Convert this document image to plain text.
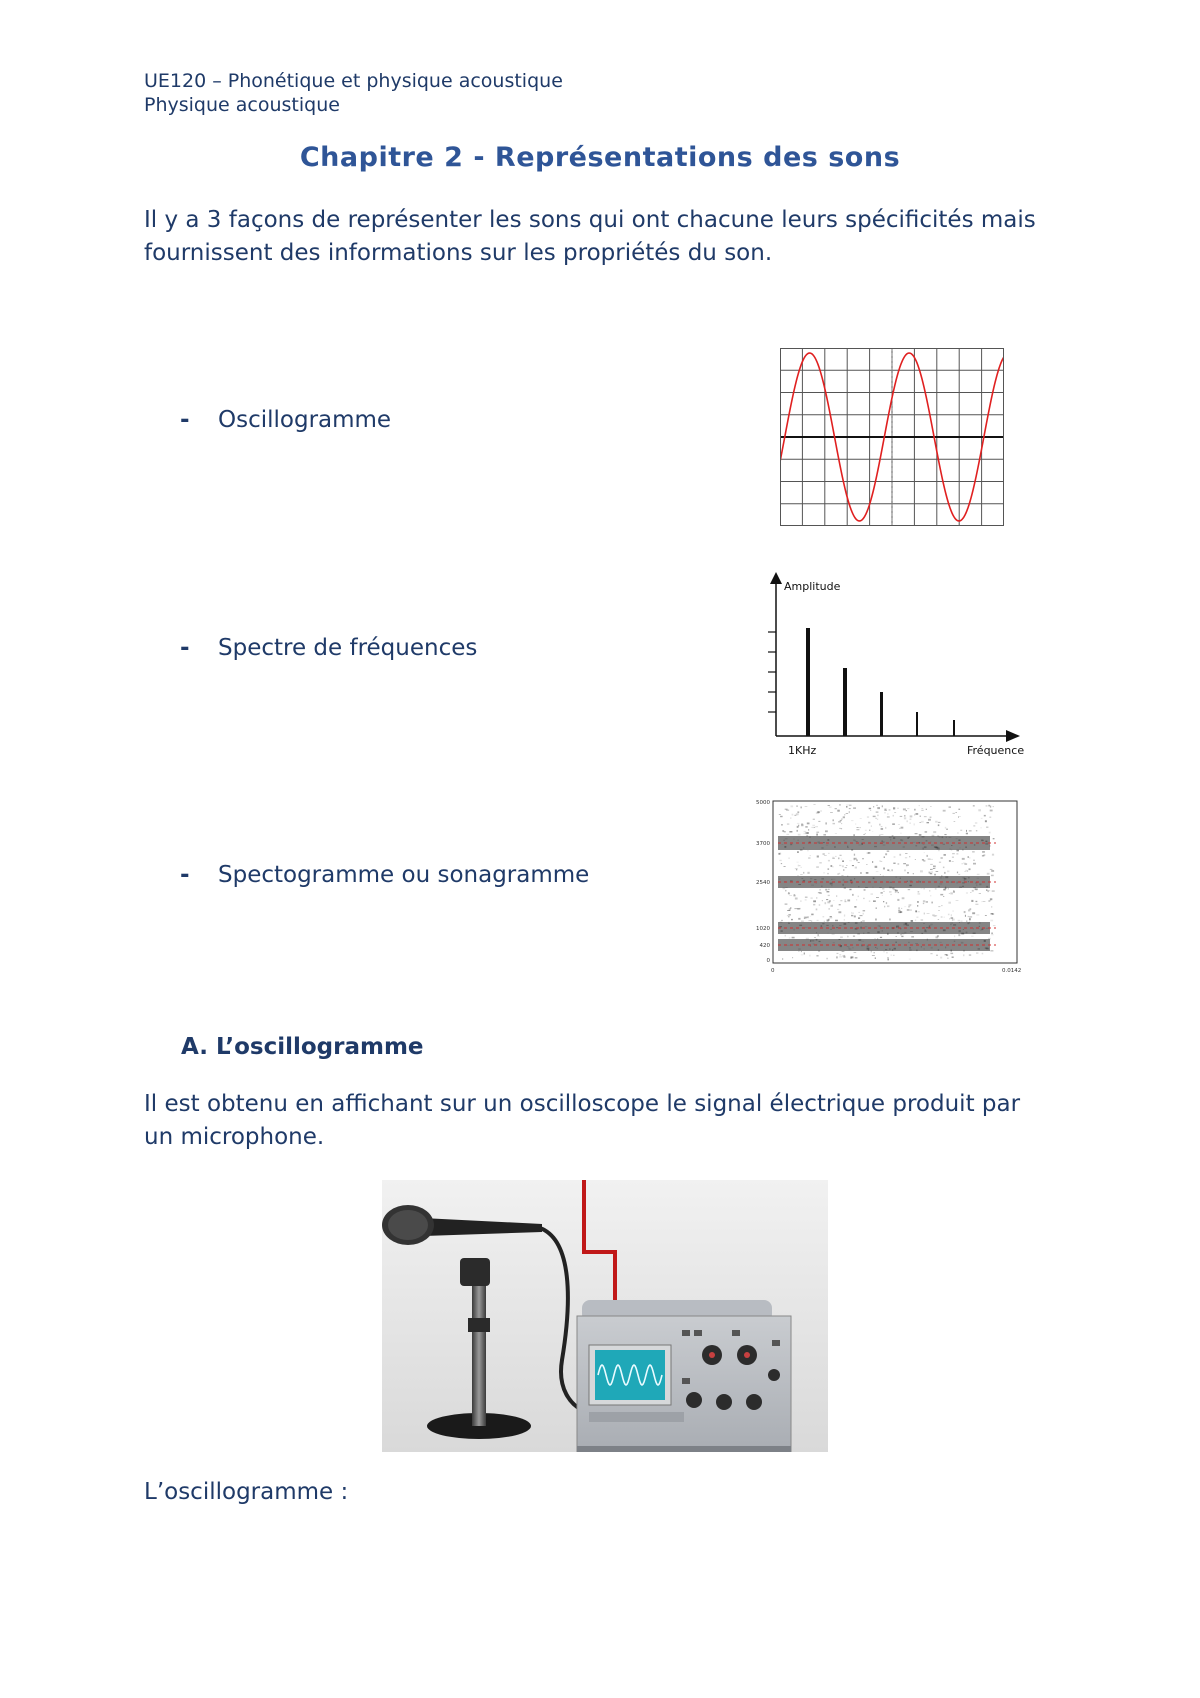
UE120 – Phonétique et physique acoustique
Physique acoustique
Chapitre 2 - Représentations des sons
Il y a 3 façons de représenter les sons qui ont chacune leurs spécificités mais fournissent des informations sur les propriétés du son.
- Oscillogramme
- Spectre de fréquences
- Spectogramme ou sonagramme
Amplitude
1KHz	Fréquence
5000
3700
2540
1020
420
0
0	0.0142
A. L’oscillogramme
Il est obtenu en affichant sur un oscilloscope le signal électrique produit par un microphone.
L’oscillogramme :
